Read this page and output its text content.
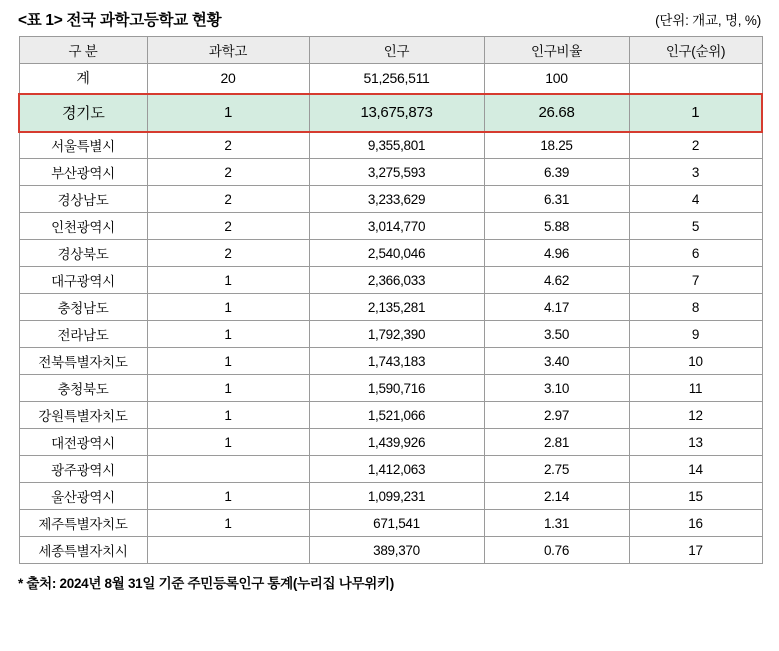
<표 1> 전국 과학고등학교 현황	(단위: 개교, 명, %)
구 분	과학고	인구	인구비율	인구(순위)
계	20	51,256,511	100	
경기도	1	13,675,873	26.68	1
서울특별시	2	9,355,801	18.25	2
부산광역시	2	3,275,593	6.39	3
경상남도	2	3,233,629	6.31	4
인천광역시	2	3,014,770	5.88	5
경상북도	2	2,540,046	4.96	6
대구광역시	1	2,366,033	4.62	7
충청남도	1	2,135,281	4.17	8
전라남도	1	1,792,390	3.50	9
전북특별자치도	1	1,743,183	3.40	10
충청북도	1	1,590,716	3.10	11
강원특별자치도	1	1,521,066	2.97	12
대전광역시	1	1,439,926	2.81	13
광주광역시		1,412,063	2.75	14
울산광역시	1	1,099,231	2.14	15
제주특별자치도	1	671,541	1.31	16
세종특별자치시		389,370	0.76	17
* 출처: 2024년 8월 31일 기준 주민등록인구 통계(누리집 나무위키)
